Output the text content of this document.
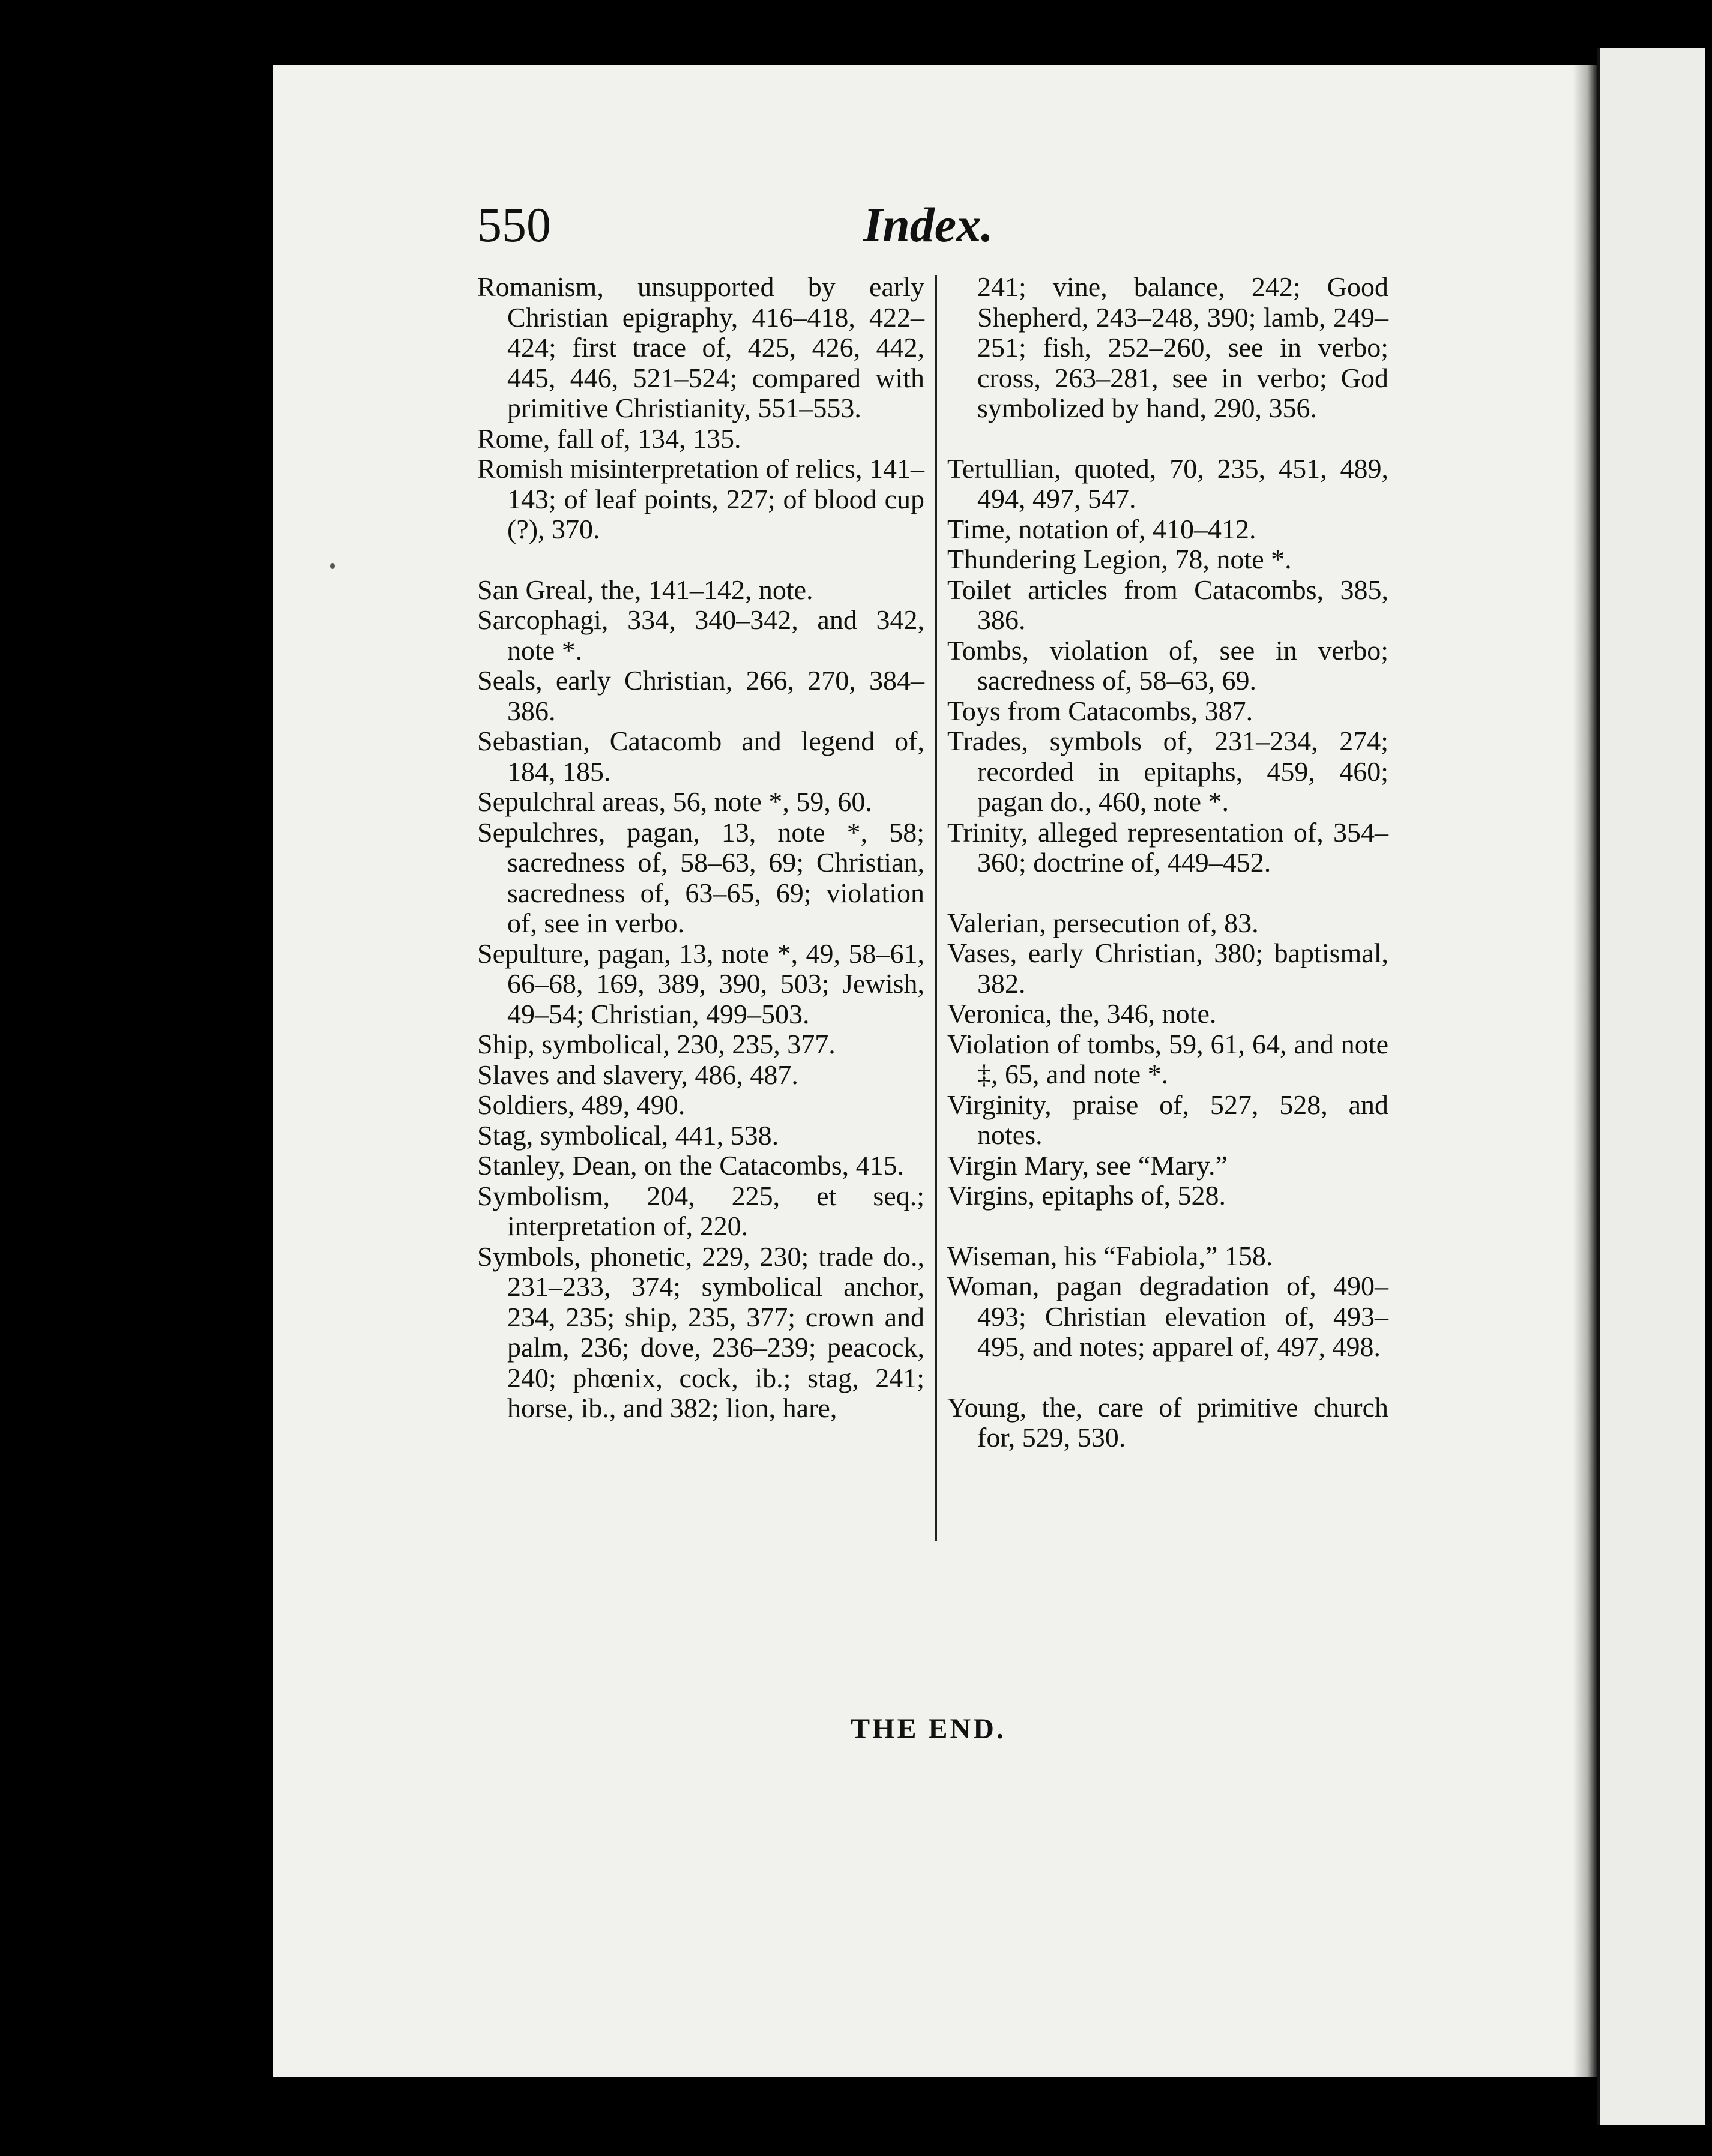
550	Index.

Romanism, unsupported by early Christian epigraphy, 416–418, 422–424; first trace of, 425, 426, 442, 445, 446, 521–524; compared with primitive Christianity, 551–553.

Rome, fall of, 134, 135.

Romish misinterpretation of relics, 141–143; of leaf points, 227; of blood cup (?), 370.

San Greal, the, 141–142, note.

Sarcophagi, 334, 340–342, and 342, note *.

Seals, early Christian, 266, 270, 384–386.

Sebastian, Catacomb and legend of, 184, 185.

Sepulchral areas, 56, note *, 59, 60.

Sepulchres, pagan, 13, note *, 58; sacredness of, 58–63, 69; Christian, sacredness of, 63–65, 69; violation of, see in verbo.

Sepulture, pagan, 13, note *, 49, 58–61, 66–68, 169, 389, 390, 503; Jewish, 49–54; Christian, 499–503.

Ship, symbolical, 230, 235, 377.

Slaves and slavery, 486, 487.

Soldiers, 489, 490.

Stag, symbolical, 441, 538.

Stanley, Dean, on the Catacombs, 415.

Symbolism, 204, 225, et seq.; interpretation of, 220.

Symbols, phonetic, 229, 230; trade do., 231–233, 374; symbolical anchor, 234, 235; ship, 235, 377; crown and palm, 236; dove, 236–239; peacock, 240; phœnix, cock, ib.; stag, 241; horse, ib., and 382; lion, hare,

241; vine, balance, 242; Good Shepherd, 243–248, 390; lamb, 249–251; fish, 252–260, see in verbo; cross, 263–281, see in verbo; God symbolized by hand, 290, 356.

Tertullian, quoted, 70, 235, 451, 489, 494, 497, 547.

Time, notation of, 410–412.

Thundering Legion, 78, note *.

Toilet articles from Catacombs, 385, 386.

Tombs, violation of, see in verbo; sacredness of, 58–63, 69.

Toys from Catacombs, 387.

Trades, symbols of, 231–234, 274; recorded in epitaphs, 459, 460; pagan do., 460, note *.

Trinity, alleged representation of, 354–360; doctrine of, 449–452.

Valerian, persecution of, 83.

Vases, early Christian, 380; baptismal, 382.

Veronica, the, 346, note.

Violation of tombs, 59, 61, 64, and note ‡, 65, and note *.

Virginity, praise of, 527, 528, and notes.

Virgin Mary, see “Mary.”

Virgins, epitaphs of, 528.

Wiseman, his “Fabiola,” 158.

Woman, pagan degradation of, 490–493; Christian elevation of, 493–495, and notes; apparel of, 497, 498.

Young, the, care of primitive church for, 529, 530.

THE END.
